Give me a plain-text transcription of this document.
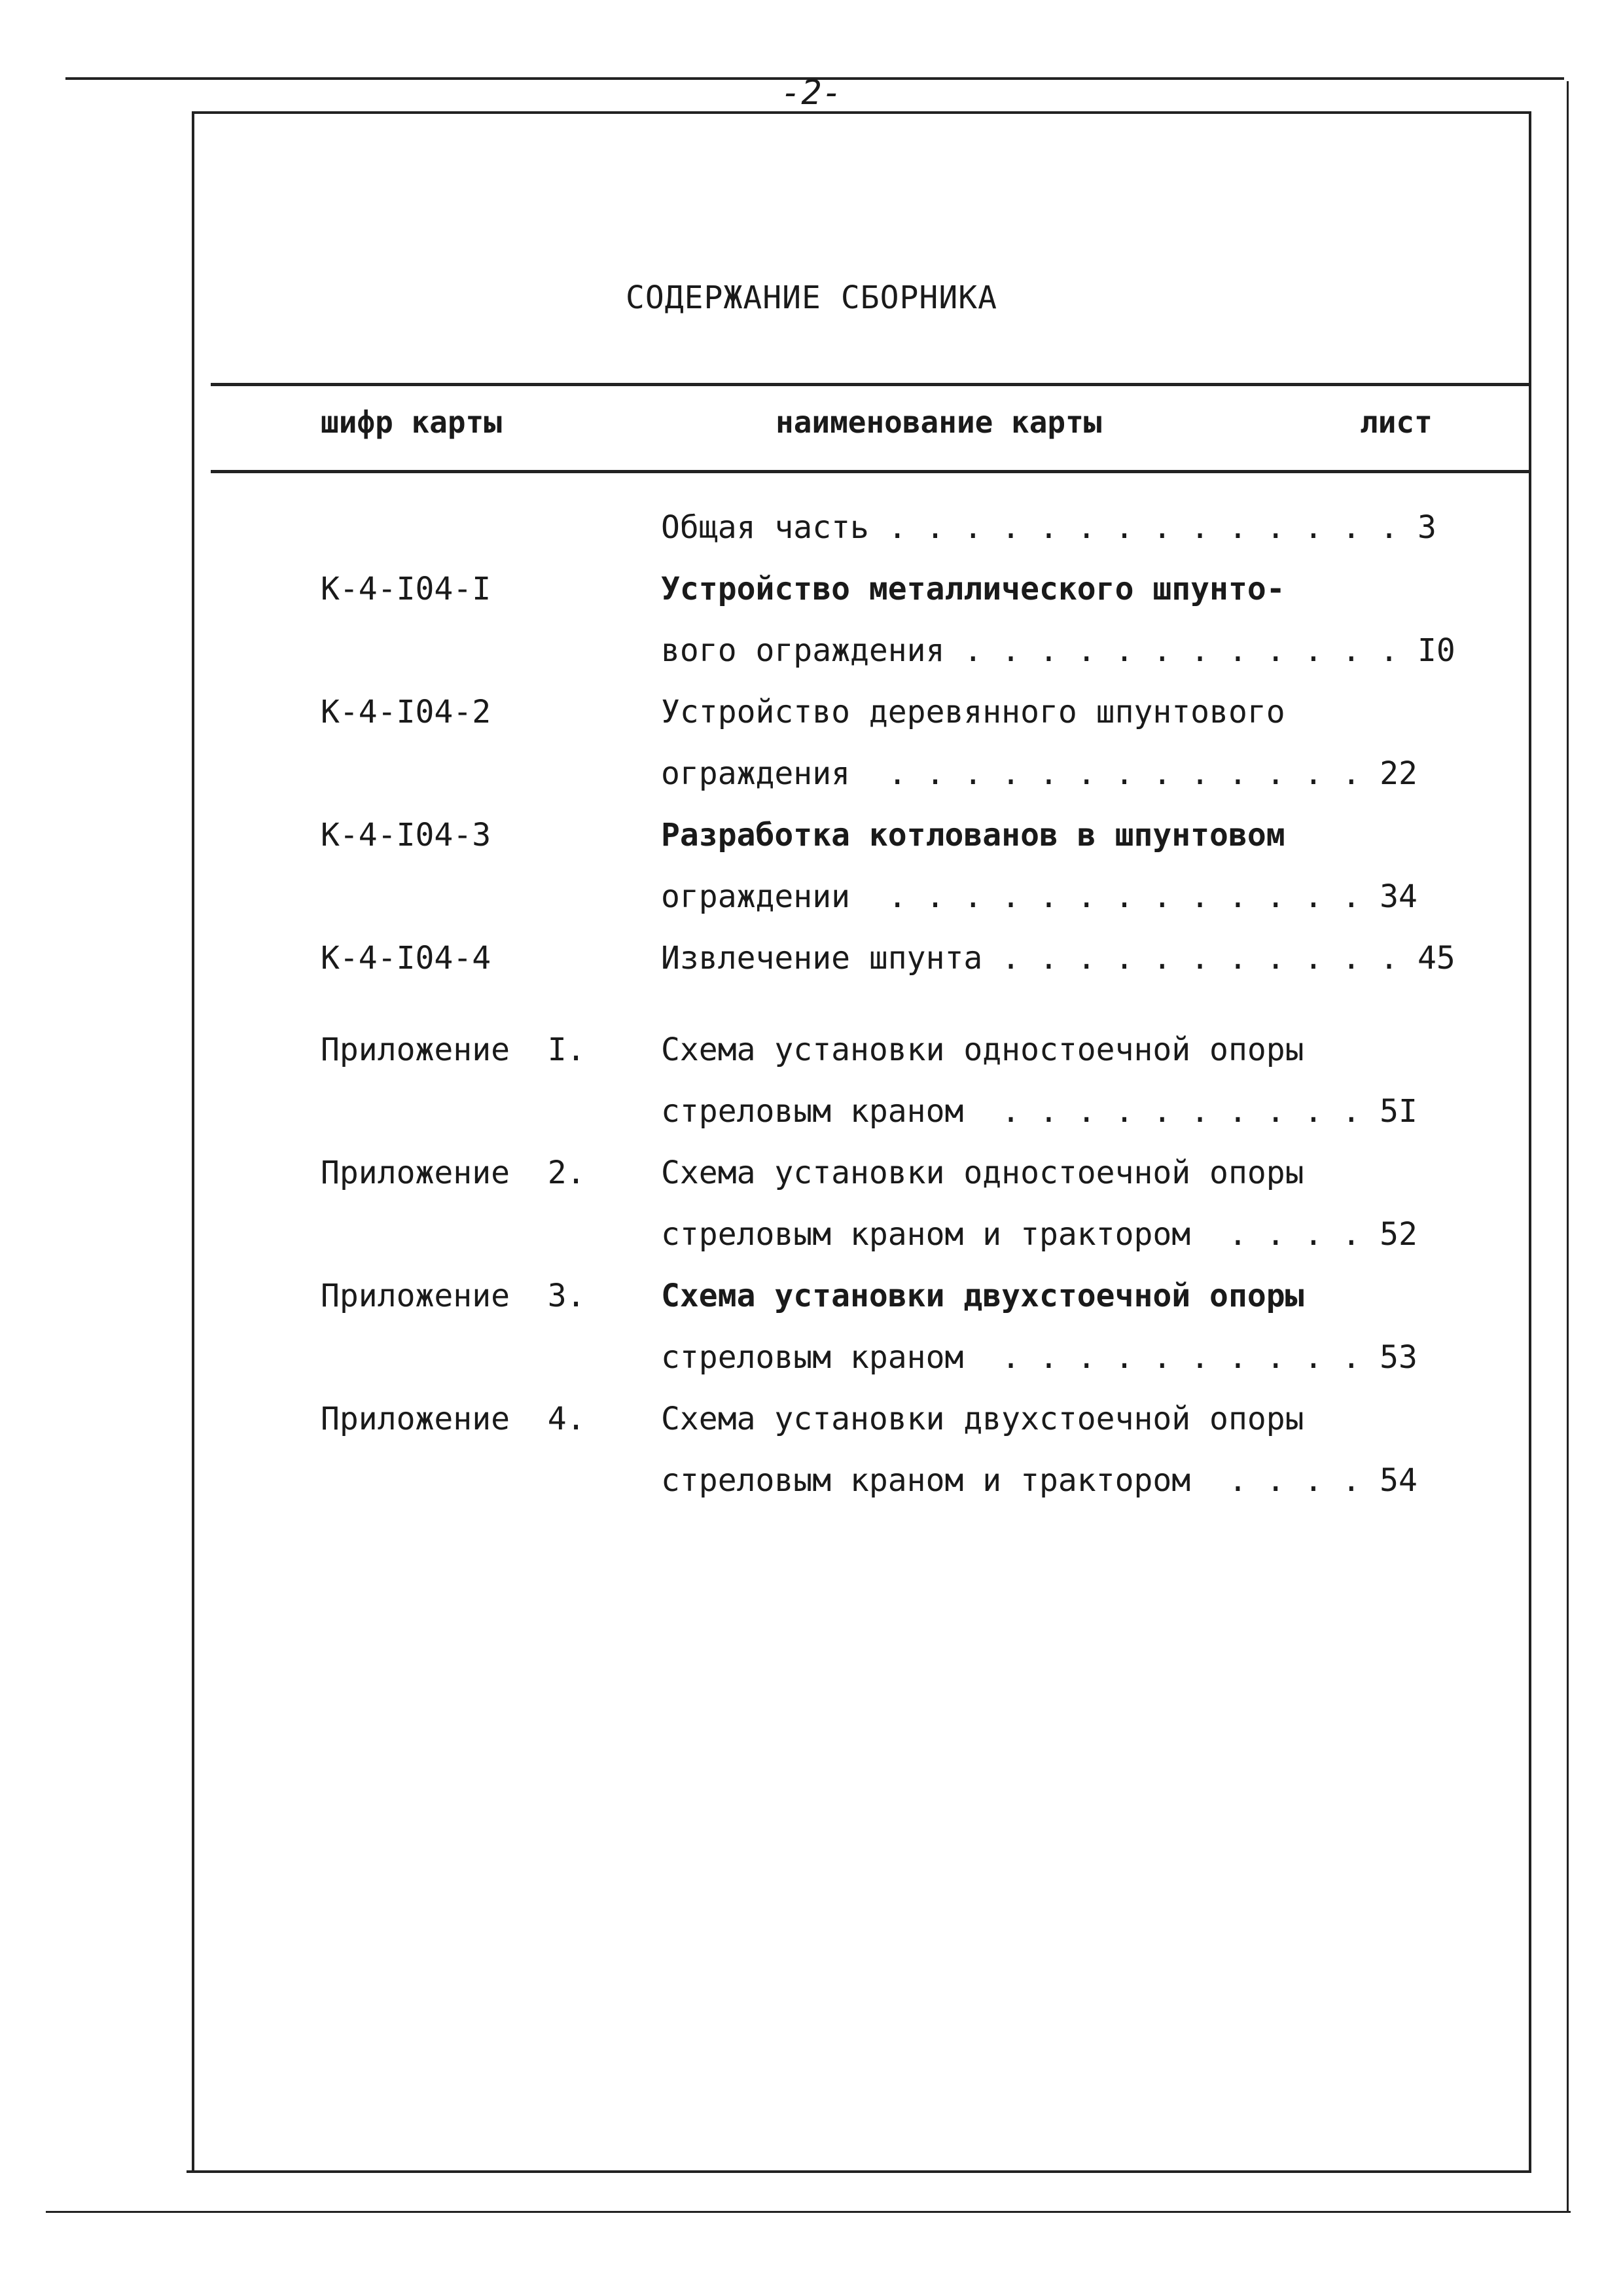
-2-
СОДЕРЖАНИЕ СБОРНИКА
шифр карты	наименование карты	лист
Общая часть . . . . . . . . . . . . . . 3
К-4-I04-I	Устройство металлического шпунто-
вого ограждения . . . . . . . . . . . . I0
К-4-I04-2	Устройство деревянного шпунтового
ограждения  . . . . . . . . . . . . . 22
К-4-I04-3	Разработка котлованов в шпунтовом
ограждении  . . . . . . . . . . . . . 34
К-4-I04-4	Извлечение шпунта . . . . . . . . . . . 45
Приложение  I. Схема установки одностоечной опоры
стреловым краном  . . . . . . . . . . 5I
Приложение  2. Схема установки одностоечной опоры
стреловым краном и трактором  . . . . 52
Приложение  3. Схема установки двухстоечной опоры
стреловым краном  . . . . . . . . . . 53
Приложение  4. Схема установки двухстоечной опоры
стреловым краном и трактором  . . . . 54
